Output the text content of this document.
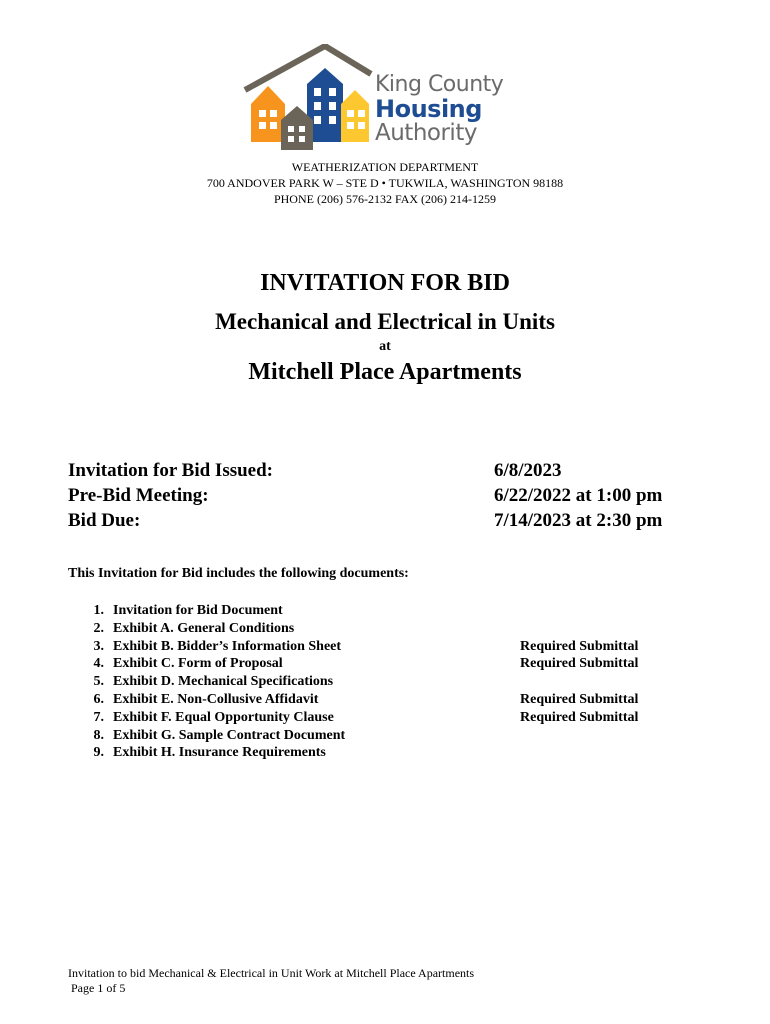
King County
Housing
Authority
WEATHERIZATION DEPARTMENT
700 ANDOVER PARK W – STE D • TUKWILA, WASHINGTON 98188
PHONE (206) 576-2132 FAX (206) 214-1259
INVITATION FOR BID
Mechanical and Electrical in Units
at
Mitchell Place Apartments
Invitation for Bid Issued:	6/8/2023
Pre-Bid Meeting:	6/22/2022 at 1:00 pm
Bid Due:	7/14/2023 at 2:30 pm
This Invitation for Bid includes the following documents:
1. Invitation for Bid Document
2. Exhibit A. General Conditions
3. Exhibit B. Bidder’s Information Sheet	Required Submittal
4. Exhibit C. Form of Proposal	Required Submittal
5. Exhibit D. Mechanical Specifications
6. Exhibit E. Non-Collusive Affidavit	Required Submittal
7. Exhibit F. Equal Opportunity Clause	Required Submittal
8. Exhibit G. Sample Contract Document
9. Exhibit H. Insurance Requirements
Invitation to bid Mechanical & Electrical in Unit Work at Mitchell Place Apartments
Page 1 of 5
